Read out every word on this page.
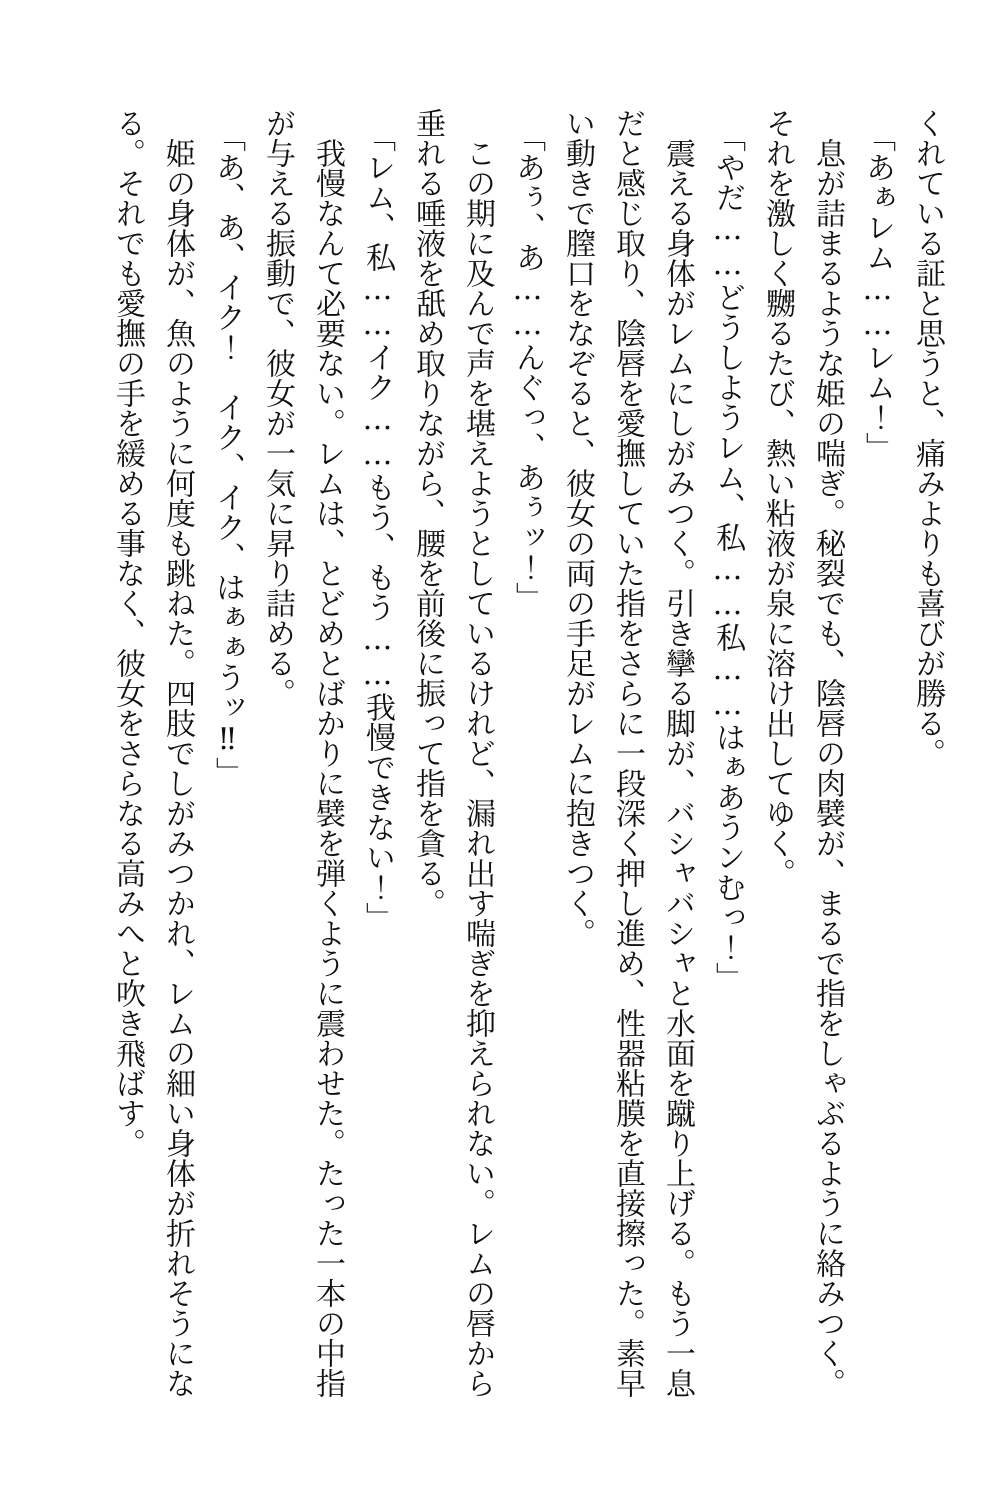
くれている証と思うと、痛みよりも喜びが勝る。

「あぁレム……レム！」

息が詰まるような姫の喘ぎ。秘裂でも、陰唇の肉襞が、まるで指をしゃぶるように絡みつく。それを激しく嬲るたび、熱い粘液が泉に溶け出してゆく。

「やだ……どうしようレム、私……私……はぁあうンむっ！」

震える身体がレムにしがみつく。引き攣る脚が、バシャバシャと水面を蹴り上げる。もう一息だと感じ取り、陰唇を愛撫していた指をさらに一段深く押し進め、性器粘膜を直接擦った。素早い動きで膣口をなぞると、彼女の両の手足がレムに抱きつく。

「あぅ、あ……んぐっ、あぅッ！」

この期に及んで声を堪えようとしているけれど、漏れ出す喘ぎを抑えられない。レムの唇から垂れる唾液を舐め取りながら、腰を前後に振って指を貪る。

「レム、私……イク……もう、もう……我慢できない！」

我慢なんて必要ない。レムは、とどめとばかりに襞を弾くように震わせた。たった一本の中指が与える振動で、彼女が一気に昇り詰める。

「あ、あ、イク！　イク、イク、はぁぁうッ‼」

姫の身体が、魚のように何度も跳ねた。四肢でしがみつかれ、レムの細い身体が折れそうになる。それでも愛撫の手を緩める事なく、彼女をさらなる高みへと吹き飛ばす。
